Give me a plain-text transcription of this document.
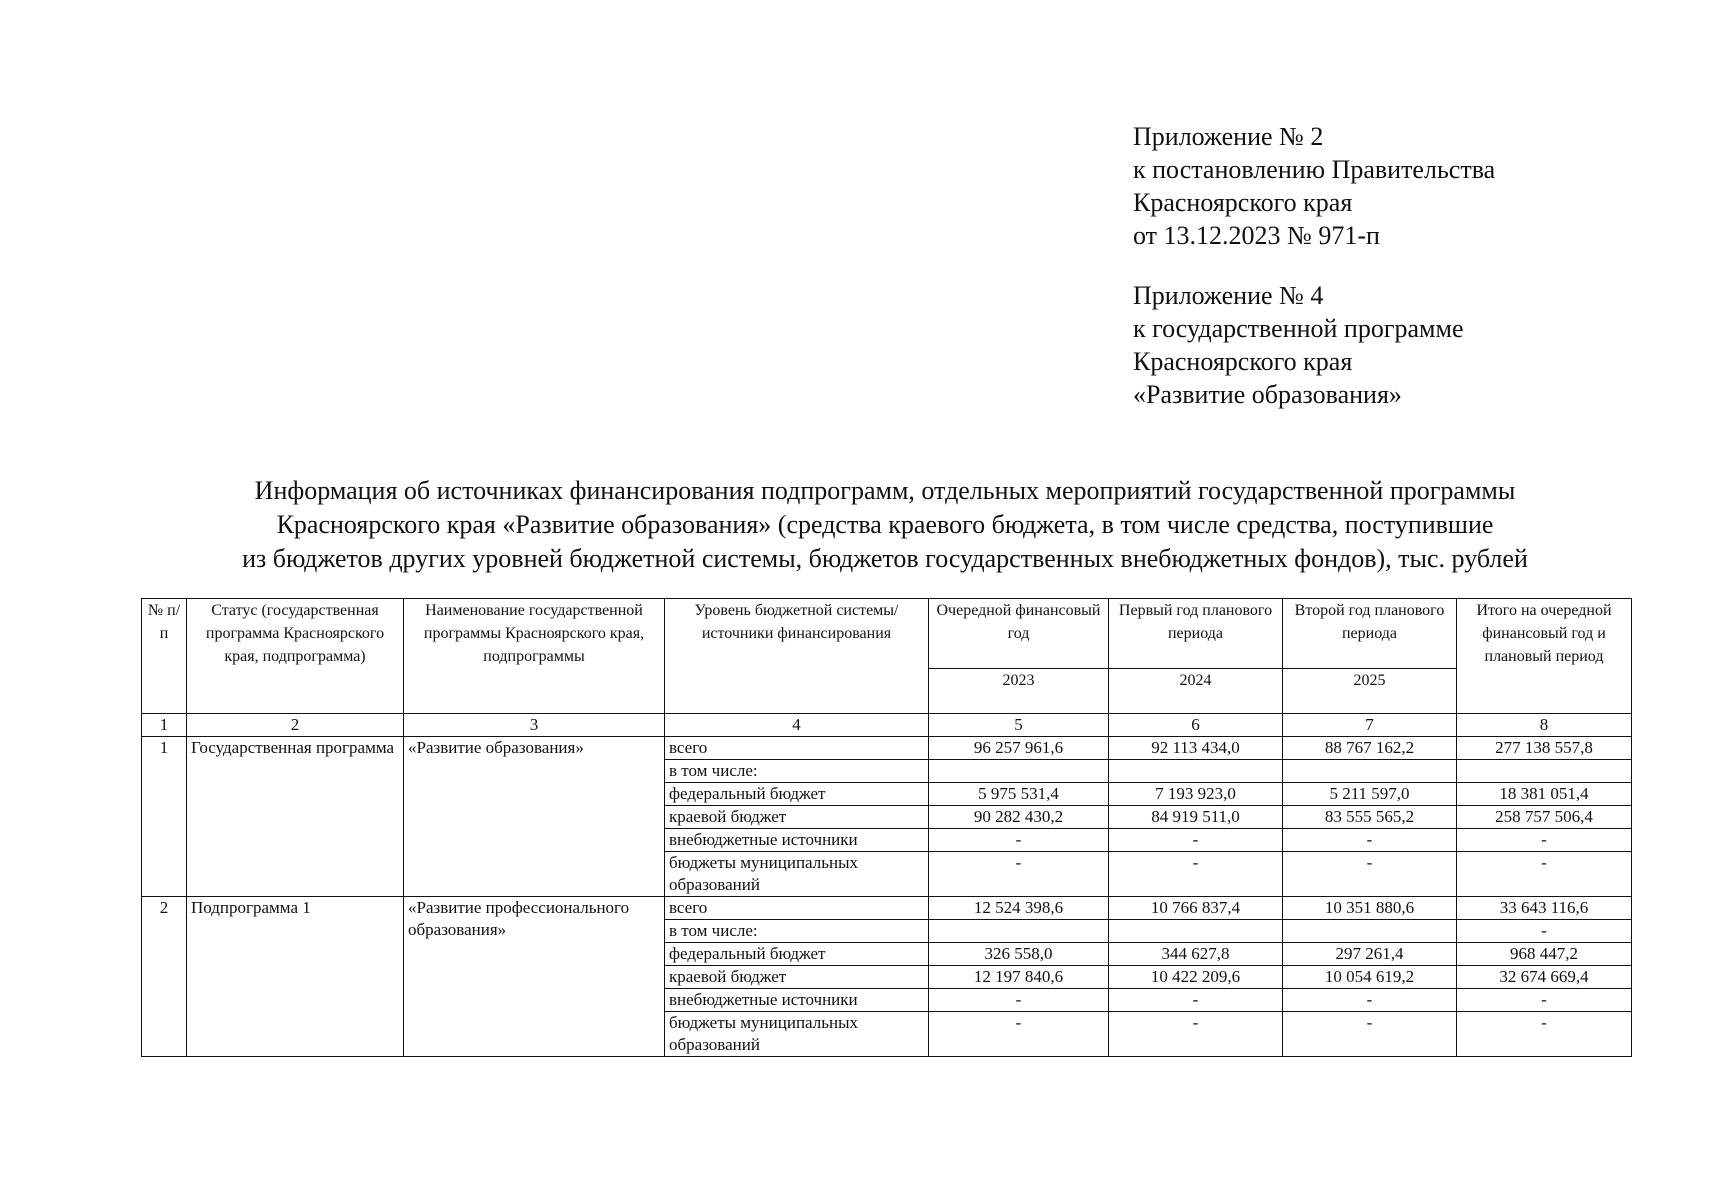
Приложение № 2
к постановлению Правительства
Красноярского края
от 13.12.2023 № 971-п
Приложение № 4
к государственной программе
Красноярского края
«Развитие образования»
Информация об источниках финансирования подпрограмм, отдельных мероприятий государственной программы
Красноярского края «Развитие образования» (средства краевого бюджета, в том числе средства, поступившие
из бюджетов других уровней бюджетной системы, бюджетов государственных внебюджетных фондов), тыс. рублей
№ п/п	Статус (государственная программа Красноярского края, подпрограмма)	Наименование государственной программы Красноярского края, подпрограммы	Уровень бюджетной системы/источники финансирования	Очередной финансовый год	Первый год планового периода	Второй год планового периода	Итого на очередной финансовый год и плановый период
				2023	2024	2025	
1	2	3	4	5	6	7	8
1	Государственная программа	«Развитие образования»	всего	96 257 961,6	92 113 434,0	88 767 162,2	277 138 557,8
			в том числе:				
			федеральный бюджет	5 975 531,4	7 193 923,0	5 211 597,0	18 381 051,4
			краевой бюджет	90 282 430,2	84 919 511,0	83 555 565,2	258 757 506,4
			внебюджетные источники	-	-	-	-
			бюджеты муниципальных образований	-	-	-	-
2	Подпрограмма 1	«Развитие профессионального образования»	всего	12 524 398,6	10 766 837,4	10 351 880,6	33 643 116,6
			в том числе:				-
			федеральный бюджет	326 558,0	344 627,8	297 261,4	968 447,2
			краевой бюджет	12 197 840,6	10 422 209,6	10 054 619,2	32 674 669,4
			внебюджетные источники	-	-	-	-
			бюджеты муниципальных образований	-	-	-	-
